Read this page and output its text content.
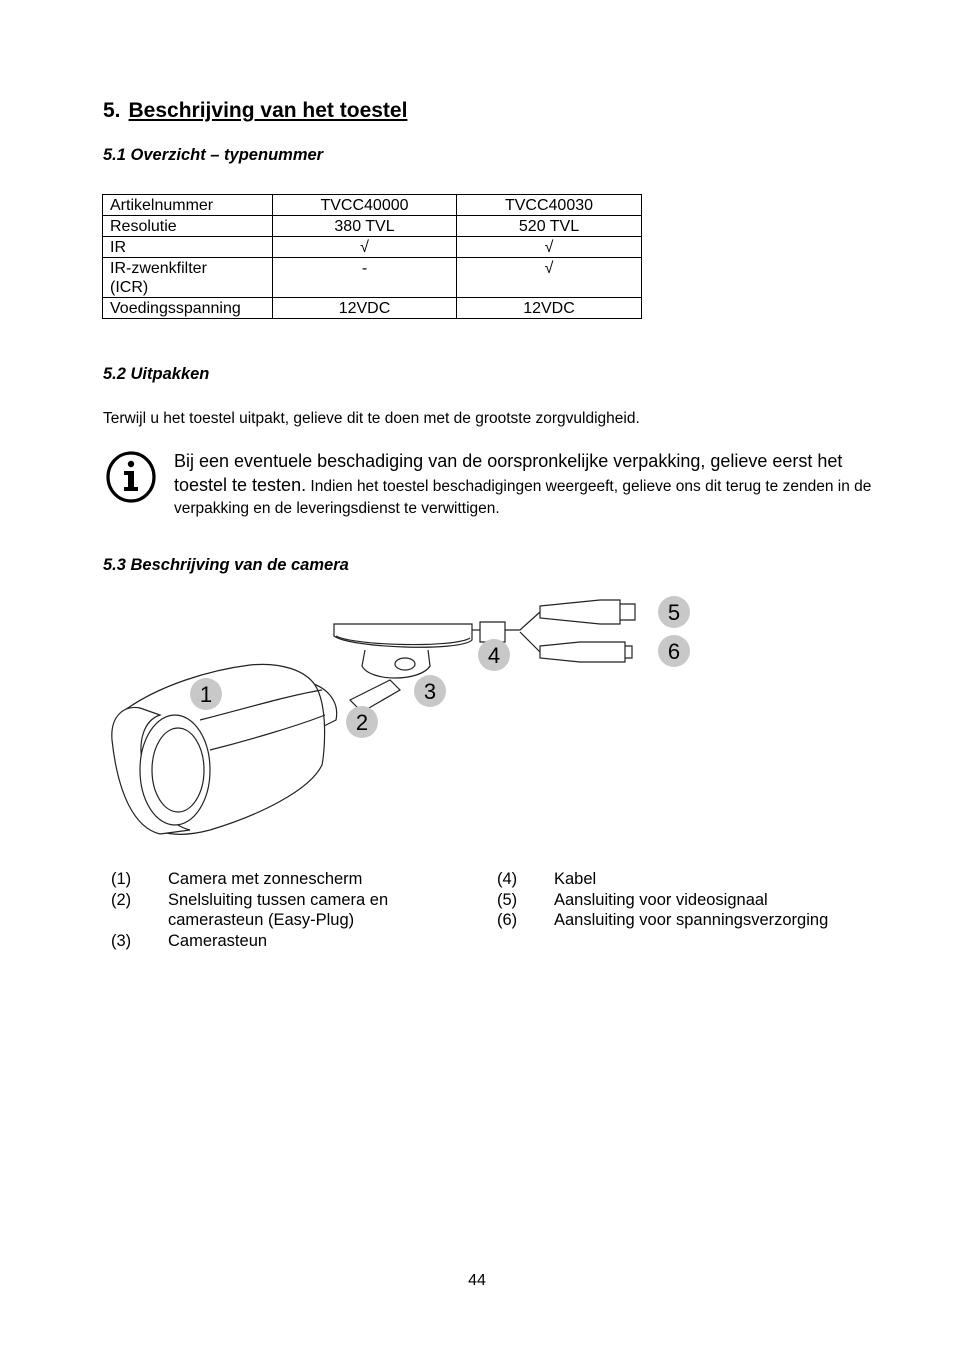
5. Beschrijving van het toestel
5.1 Overzicht – typenummer
Artikelnummer	TVCC40000	TVCC40030
Resolutie	380 TVL	520 TVL
IR	√	√
IR-zwenkfilter (ICR)	-	√
Voedingsspanning	12VDC	12VDC
5.2 Uitpakken
Terwijl u het toestel uitpakt, gelieve dit te doen met de grootste zorgvuldigheid.
Bij een eventuele beschadiging van de oorspronkelijke verpakking, gelieve eerst het toestel te testen. Indien het toestel beschadigingen weergeeft, gelieve ons dit terug te zenden in de verpakking en de leveringsdienst te verwittigen.
5.3 Beschrijving van de camera
1
2
3
4
5
6
(1)	Camera met zonnescherm
(2)	Snelsluiting tussen camera en
camerasteun (Easy-Plug)
(3)	Camerasteun
(4)	Kabel
(5)	Aansluiting voor videosignaal
(6)	Aansluiting voor spanningsverzorging
44
